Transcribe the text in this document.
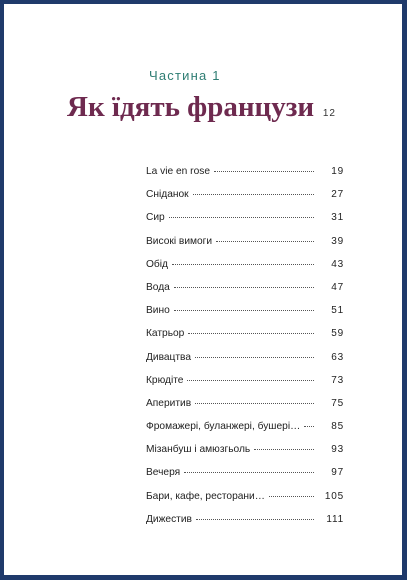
Частина 1
Як їдять французи 12
La vie en rose	19
Сніданок	27
Сир	31
Високі вимоги	39
Обід	43
Вода	47
Вино	51
Катрьор	59
Дивацтва	63
Крюдіте	73
Аперитив	75
Фромажері, буланжері, бушері…	85
Мізанбуш і амюзгьоль	93
Вечеря	97
Бари, кафе, ресторани…	105
Дижестив	111
